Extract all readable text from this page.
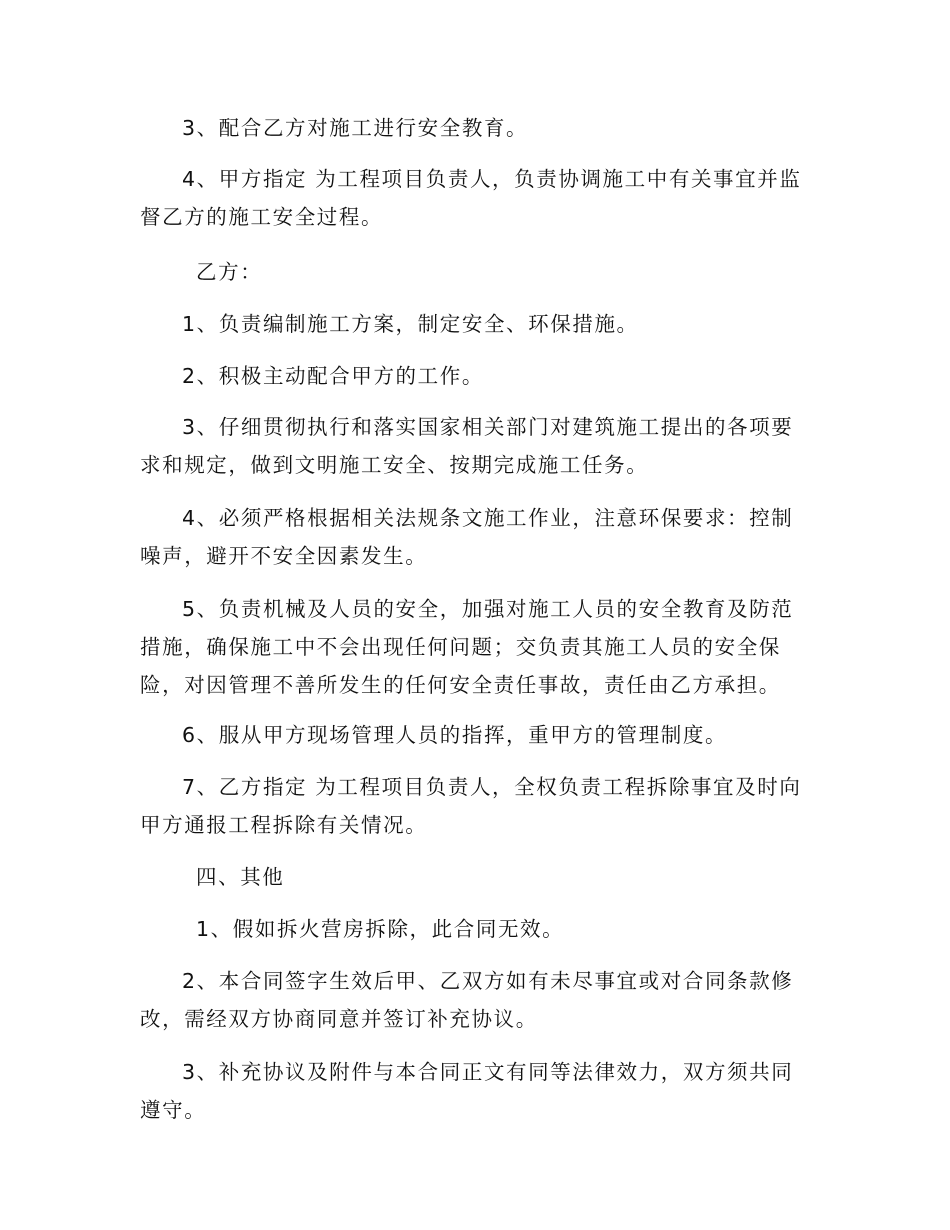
3、配合乙方对施工进行安全教育。

4、甲方指定 为工程项目负责人，负责协调施工中有关事宜并监督乙方的施工安全过程。

乙方：

1、负责编制施工方案，制定安全、环保措施。

2、积极主动配合甲方的工作。

3、仔细贯彻执行和落实国家相关部门对建筑施工提出的各项要求和规定，做到文明施工安全、按期完成施工任务。

4、必须严格根据相关法规条文施工作业，注意环保要求：控制噪声，避开不安全因素发生。

5、负责机械及人员的安全，加强对施工人员的安全教育及防范措施，确保施工中不会出现任何问题；交负责其施工人员的安全保险，对因管理不善所发生的任何安全责任事故，责任由乙方承担。

6、服从甲方现场管理人员的指挥，重甲方的管理制度。

7、乙方指定 为工程项目负责人，全权负责工程拆除事宜及时向甲方通报工程拆除有关情况。

四、其他

1、假如拆火营房拆除，此合同无效。

2、本合同签字生效后甲、乙双方如有未尽事宜或对合同条款修改，需经双方协商同意并签订补充协议。

3、补充协议及附件与本合同正文有同等法律效力，双方须共同遵守。
